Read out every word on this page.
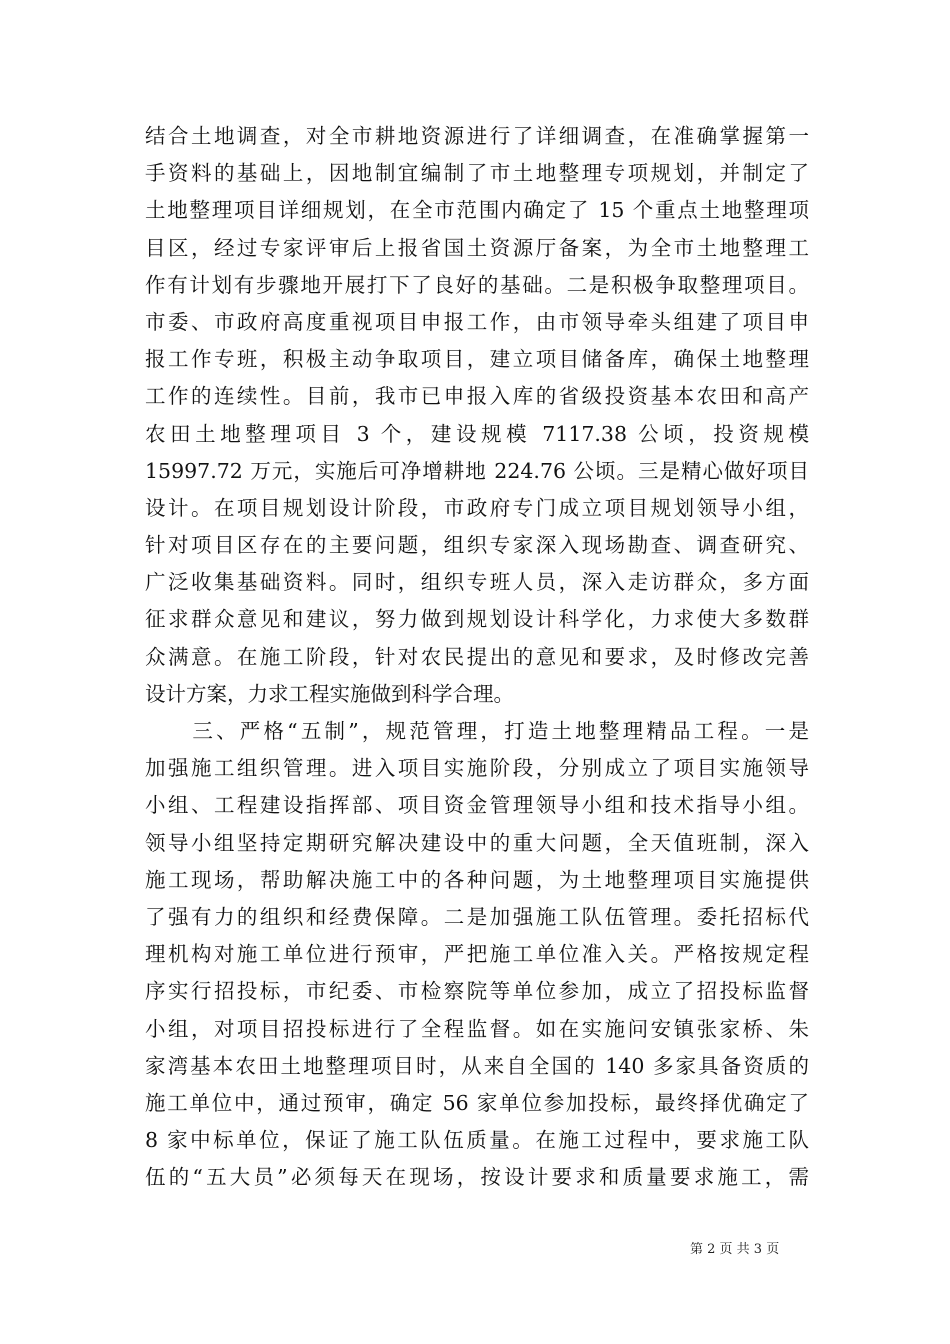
结合土地调查，对全市耕地资源进行了详细调查，在准确掌握第一
手资料的基础上，因地制宜编制了市土地整理专项规划，并制定了
土地整理项目详细规划，在全市范围内确定了 15 个重点土地整理项
目区，经过专家评审后上报省国土资源厅备案，为全市土地整理工
作有计划有步骤地开展打下了良好的基础。二是积极争取整理项目。
市委、市政府高度重视项目申报工作，由市领导牵头组建了项目申
报工作专班，积极主动争取项目，建立项目储备库，确保土地整理
工作的连续性。目前，我市已申报入库的省级投资基本农田和高产
农田土地整理项目 3 个，建设规模 7117.38 公顷，投资规模
15997.72 万元，实施后可净增耕地 224.76 公顷。三是精心做好项目
设计。在项目规划设计阶段，市政府专门成立项目规划领导小组，
针对项目区存在的主要问题，组织专家深入现场勘查、调查研究、
广泛收集基础资料。同时，组织专班人员，深入走访群众，多方面
征求群众意见和建议，努力做到规划设计科学化，力求使大多数群
众满意。在施工阶段，针对农民提出的意见和要求，及时修改完善
设计方案，力求工程实施做到科学合理。
　　三、严格“五制”，规范管理，打造土地整理精品工程。一是
加强施工组织管理。进入项目实施阶段，分别成立了项目实施领导
小组、工程建设指挥部、项目资金管理领导小组和技术指导小组。
领导小组坚持定期研究解决建设中的重大问题，全天值班制，深入
施工现场，帮助解决施工中的各种问题，为土地整理项目实施提供
了强有力的组织和经费保障。二是加强施工队伍管理。委托招标代
理机构对施工单位进行预审，严把施工单位准入关。严格按规定程
序实行招投标，市纪委、市检察院等单位参加，成立了招投标监督
小组，对项目招投标进行了全程监督。如在实施问安镇张家桥、朱
家湾基本农田土地整理项目时，从来自全国的 140 多家具备资质的
施工单位中，通过预审，确定 56 家单位参加投标，最终择优确定了
8 家中标单位，保证了施工队伍质量。在施工过程中，要求施工队
伍的“五大员”必须每天在现场，按设计要求和质量要求施工，需
第 2 页 共 3 页
